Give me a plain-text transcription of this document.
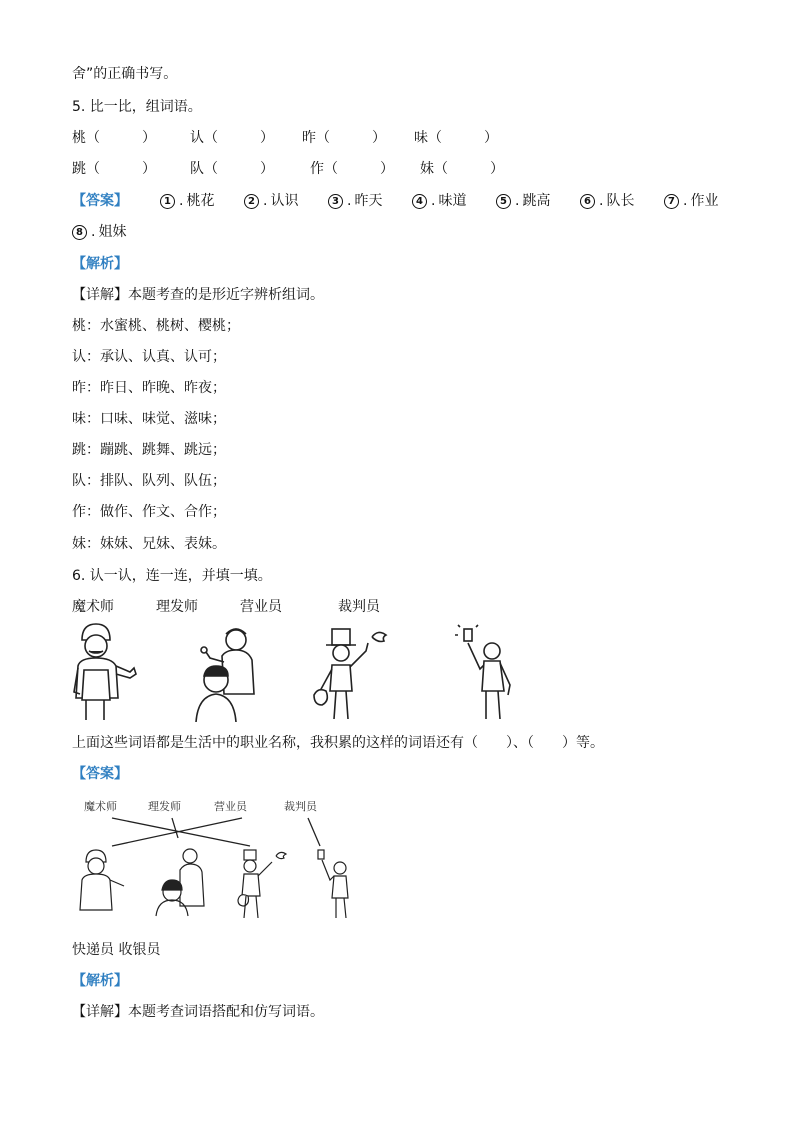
舍”的正确书写。
5. 比一比，组词语。
桃（　　　） 认（　　　） 昨（　　　） 味（　　　）
跳（　　　） 队（　　　）	作（　　　） 妹（　　　）
【答案】	1 . 桃花	2 . 认识	3 . 昨天	4 . 味道	5 . 跳高	6 . 队长	7 . 作业
8 . 姐妹
【解析】
【详解】本题考查的是形近字辨析组词。
桃：水蜜桃、桃树、樱桃；
认：承认、认真、认可；
昨：昨日、昨晚、昨夜；
味：口味、味觉、滋味；
跳：蹦跳、跳舞、跳远；
队：排队、队列、队伍；
作：做作、作文、合作；
妹：妹妹、兄妹、表妹。
6. 认一认，连一连，并填一填。
魔术师	理发师	营业员	裁判员
上面这些词语都是生活中的职业名称，我积累的这样的词语还有（　　）、（　　）等。
【答案】
魔术师	理发师	营业员	裁判员
快递员 收银员
【解析】
【详解】本题考查词语搭配和仿写词语。
